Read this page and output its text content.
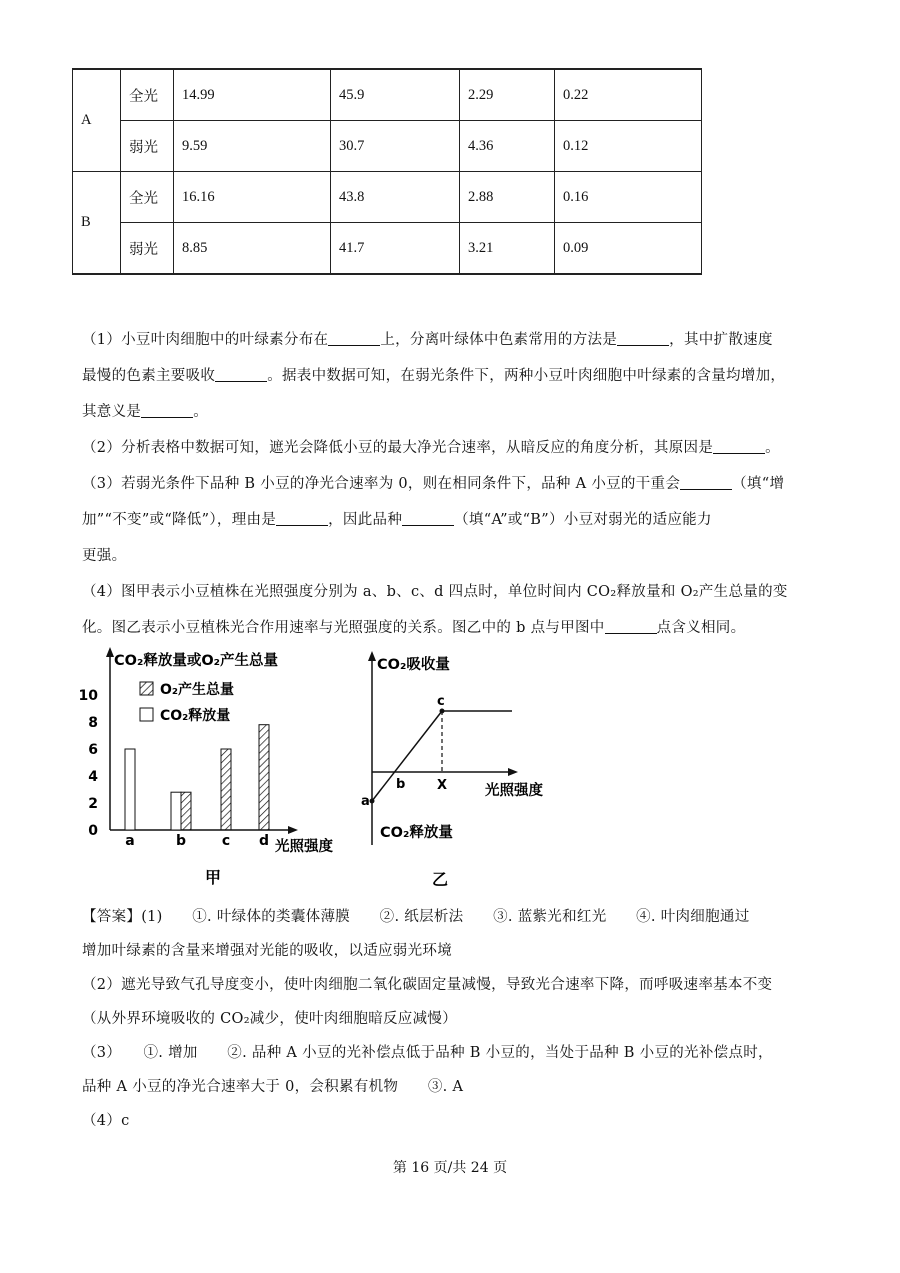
A	全光	14.99	45.9	2.29	0.22
	弱光	9.59	30.7	4.36	0.12
B	全光	16.16	43.8	2.88	0.16
	弱光	8.85	41.7	3.21	0.09

（1）小豆叶肉细胞中的叶绿素分布在	上，分离叶绿体中色素常用的方法是	，其中扩散速度

最慢的色素主要吸收	。据表中数据可知，在弱光条件下，两种小豆叶肉细胞中叶绿素的含量均增加，

其意义是	。

（2）分析表格中数据可知，遮光会降低小豆的最大净光合速率，从暗反应的角度分析，其原因是	。

（3）若弱光条件下品种 B 小豆的净光合速率为 0，则在相同条件下，品种 A 小豆的干重会	（填“增

加”“不变”或“降低”），理由是	，因此品种	（填“A”或“B”）小豆对弱光的适应能力

更强。

（4）图甲表示小豆植株在光照强度分别为 a、b、c、d 四点时，单位时间内 CO₂释放量和 O₂产生总量的变

化。图乙表示小豆植株光合作用速率与光照强度的关系。图乙中的 b 点与甲图中	点含义相同。

CO₂释放量或O₂产生总量
光照强度
O₂产生总量
CO₂释放量
0
2
4
6
8
10
a	b	c d
甲
CO₂吸收量
CO₂释放量
光照强度
a
b
c
X
乙

【答案】(1)　　①. 叶绿体的类囊体薄膜　　②. 纸层析法　　③. 蓝紫光和红光　　④. 叶肉细胞通过

增加叶绿素的含量来增强对光能的吸收，以适应弱光环境

（2）遮光导致气孔导度变小，使叶肉细胞二氧化碳固定量减慢，导致光合速率下降，而呼吸速率基本不变

（从外界环境吸收的 CO₂减少，使叶肉细胞暗反应减慢）

（3）　　①. 增加　　②. 品种 A 小豆的光补偿点低于品种 B 小豆的，当处于品种 B 小豆的光补偿点时，

品种 A 小豆的净光合速率大于 0，会积累有机物　　③. A

（4）c

第 16 页/共 24 页
